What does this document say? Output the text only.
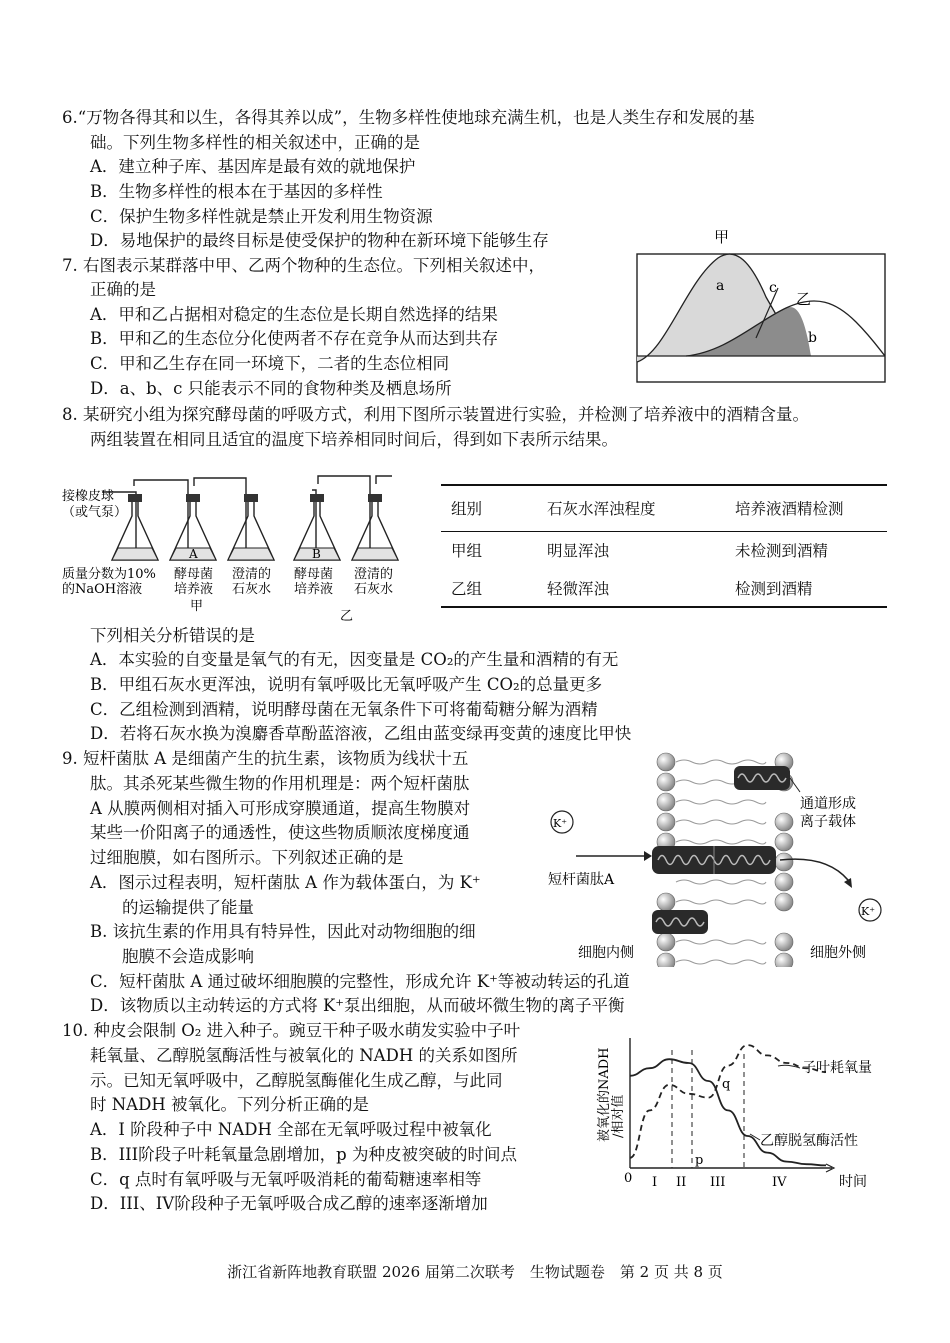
6.“万物各得其和以生，各得其养以成”，生物多样性使地球充满生机，也是人类生存和发展的基
础。下列生物多样性的相关叙述中，正确的是
A．建立种子库、基因库是最有效的就地保护
B．生物多样性的根本在于基因的多样性
C．保护生物多样性就是禁止开发利用生物资源
D．易地保护的最终目标是使受保护的物种在新环境下能够生存
7. 右图表示某群落中甲、乙两个物种的生态位。下列相关叙述中，
正确的是
A．甲和乙占据相对稳定的生态位是长期自然选择的结果
B．甲和乙的生态位分化使两者不存在竞争从而达到共存
C．甲和乙生存在同一环境下，二者的生态位相同
D．a、b、c 只能表示不同的食物种类及栖息场所
甲
乙
a
b
c
8. 某研究小组为探究酵母菌的呼吸方式，利用下图所示装置进行实验，并检测了培养液中的酒精含量。
两组装置在相同且适宜的温度下培养相同时间后，得到如下表所示结果。
接橡皮球
（或气泵）
A	B
质量分数为10%
的NaOH溶液
酵母菌
培养液
澄清的
石灰水
酵母菌
培养液
澄清的
石灰水
甲
乙
组别	石灰水浑浊程度	培养液酒精检测
甲组	明显浑浊	未检测到酒精
乙组	轻微浑浊	检测到酒精
下列相关分析错误的是
A．本实验的自变量是氧气的有无，因变量是 CO₂的产生量和酒精的有无
B．甲组石灰水更浑浊，说明有氧呼吸比无氧呼吸产生 CO₂的总量更多
C．乙组检测到酒精，说明酵母菌在无氧条件下可将葡萄糖分解为酒精
D．若将石灰水换为溴麝香草酚蓝溶液，乙组由蓝变绿再变黄的速度比甲快
9. 短杆菌肽 A 是细菌产生的抗生素，该物质为线状十五
肽。其杀死某些微生物的作用机理是：两个短杆菌肽
A 从膜两侧相对插入可形成穿膜通道，提高生物膜对
某些一价阳离子的通透性，使这些物质顺浓度梯度通
过细胞膜，如右图所示。下列叙述正确的是
A．图示过程表明，短杆菌肽 A 作为载体蛋白，为 K⁺
的运输提供了能量
B. 该抗生素的作用具有特异性，因此对动物细胞的细
胞膜不会造成影响
C．短杆菌肽 A 通过破坏细胞膜的完整性，形成允许 K⁺等被动转运的孔道
D．该物质以主动转运的方式将 K⁺泵出细胞，从而破坏微生物的离子平衡
K⁺
K⁺
通道形成
离子载体
短杆菌肽A
细胞内侧	细胞外侧
10. 种皮会限制 O₂ 进入种子。豌豆干种子吸水萌发实验中子叶
耗氧量、乙醇脱氢酶活性与被氧化的 NADH 的关系如图所
示。已知无氧呼吸中，乙醇脱氢酶催化生成乙醇，与此同
时 NADH 被氧化。下列分析正确的是
A．I 阶段种子中 NADH 全部在无氧呼吸过程中被氧化
B．III阶段子叶耗氧量急剧增加，p 为种皮被突破的时间点
C．q 点时有氧呼吸与无氧呼吸消耗的葡萄糖速率相等
D．III、IV阶段种子无氧呼吸合成乙醇的速率逐渐增加
被氧化的NADH /相对值
0 I II III	IV
p
q
时间
子叶耗氧量
乙醇脱氢酶活性
浙江省新阵地教育联盟 2026 届第二次联考　生物试题卷　第 2 页 共 8 页
